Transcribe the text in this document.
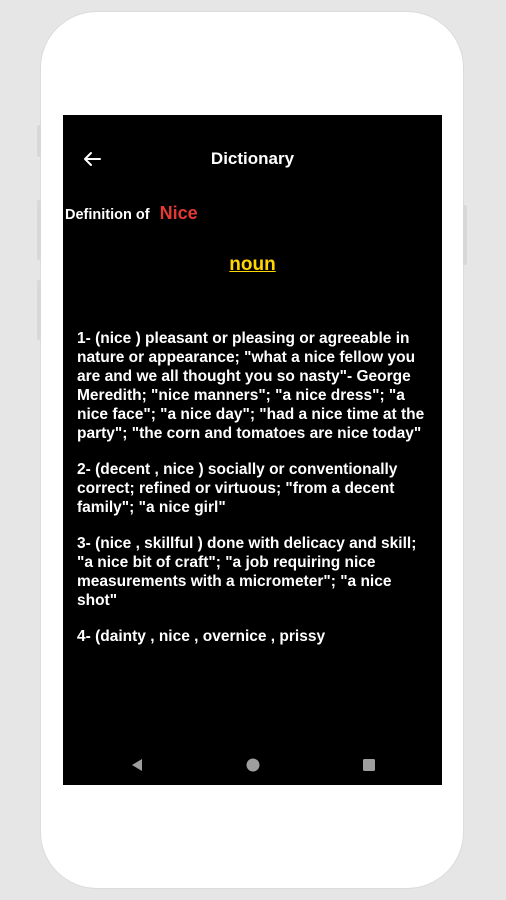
Dictionary
Definition of Nice
noun

1- (nice ) pleasant or pleasing or agreeable in nature or appearance; "what a nice fellow you are and we all thought you so nasty"- George Meredith; "nice manners"; "a nice dress"; "a nice face"; "a nice day"; "had a nice time at the party"; "the corn and tomatoes are nice today"

2- (decent , nice ) socially or conventionally correct; refined or virtuous; "from a decent family"; "a nice girl"

3- (nice , skillful ) done with delicacy and skill; "a nice bit of craft"; "a job requiring nice measurements with a micrometer"; "a nice shot"

4- (dainty , nice , overnice , prissy
